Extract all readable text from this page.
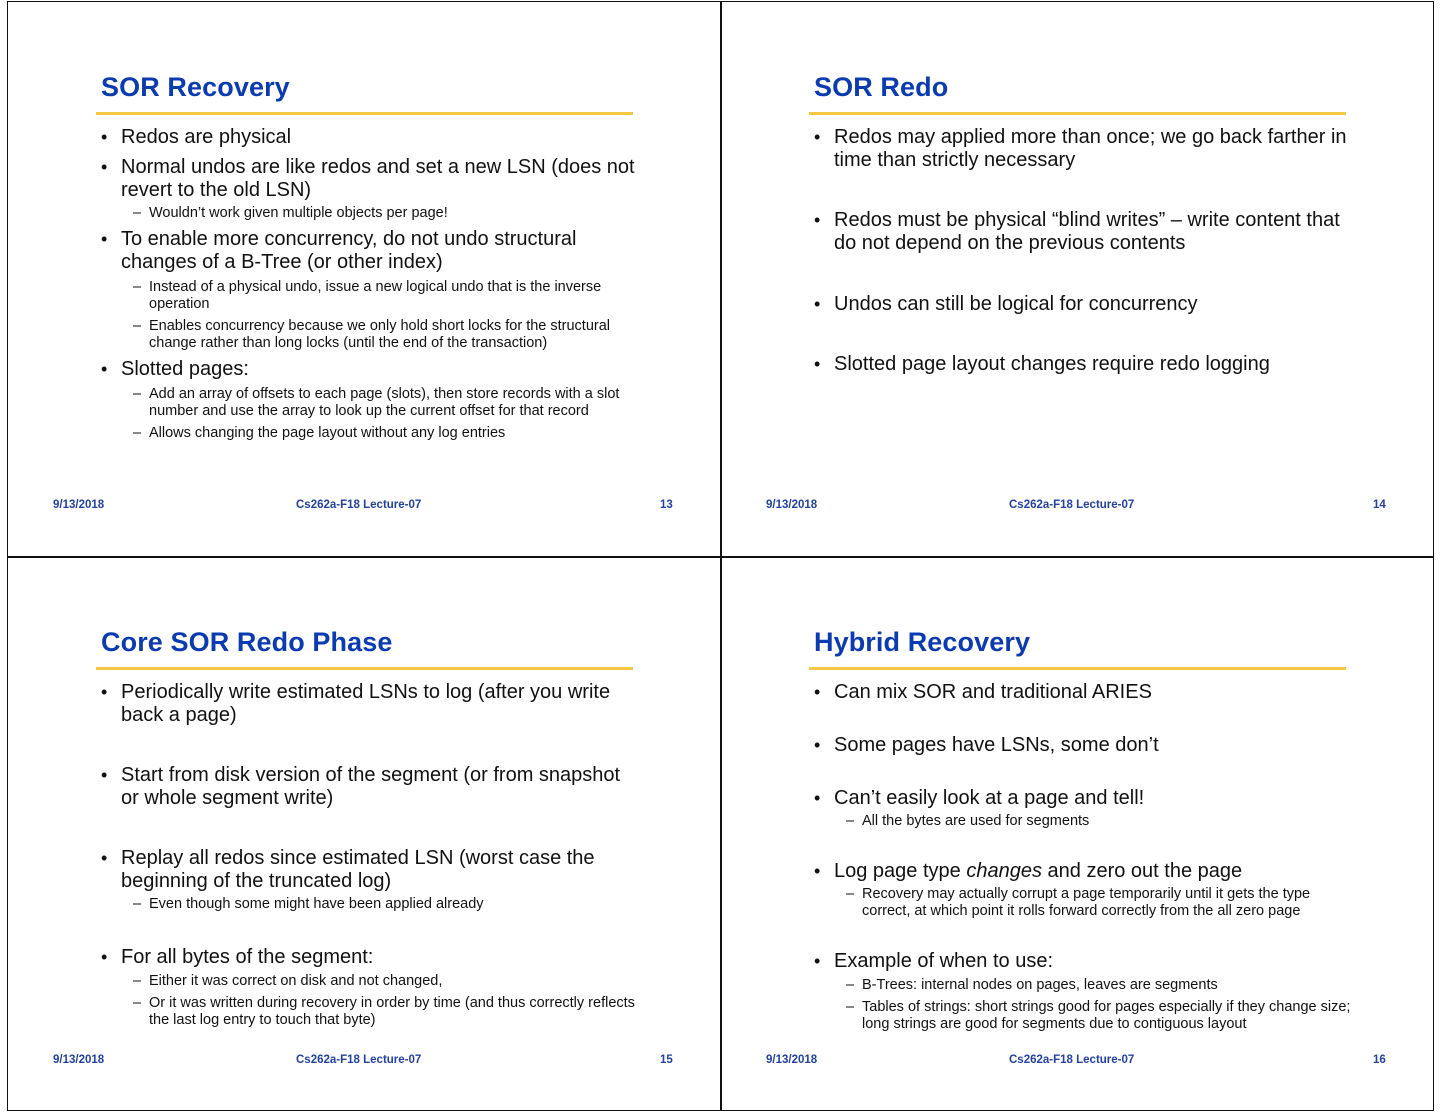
SOR Recovery
• Redos are physical
• Normal undos are like redos and set a new LSN (does not revert to the old LSN)
– Wouldn’t work given multiple objects per page!
• To enable more concurrency, do not undo structural changes of a B-Tree (or other index)
– Instead of a physical undo, issue a new logical undo that is the inverse operation
– Enables concurrency because we only hold short locks for the structural change rather than long locks (until the end of the transaction)
• Slotted pages:
– Add an array of offsets to each page (slots), then store records with a slot number and use the array to look up the current offset for that record
– Allows changing the page layout without any log entries
9/13/2018	Cs262a-F18 Lecture-07	13
SOR Redo
• Redos may applied more than once; we go back farther in time than strictly necessary
• Redos must be physical “blind writes” – write content that do not depend on the previous contents
• Undos can still be logical for concurrency
• Slotted page layout changes require redo logging
9/13/2018	Cs262a-F18 Lecture-07	14
Core SOR Redo Phase
• Periodically write estimated LSNs to log (after you write back a page)
• Start from disk version of the segment (or from snapshot or whole segment write)
• Replay all redos since estimated LSN (worst case the beginning of the truncated log)
– Even though some might have been applied already
• For all bytes of the segment:
– Either it was correct on disk and not changed,
– Or it was written during recovery in order by time (and thus correctly reflects the last log entry to touch that byte)
9/13/2018	Cs262a-F18 Lecture-07	15
Hybrid Recovery
• Can mix SOR and traditional ARIES
• Some pages have LSNs, some don’t
• Can’t easily look at a page and tell!
– All the bytes are used for segments
• Log page type changes and zero out the page
– Recovery may actually corrupt a page temporarily until it gets the type correct, at which point it rolls forward correctly from the all zero page
• Example of when to use:
– B-Trees: internal nodes on pages, leaves are segments
– Tables of strings: short strings good for pages especially if they change size; long strings are good for segments due to contiguous layout
9/13/2018	Cs262a-F18 Lecture-07	16
